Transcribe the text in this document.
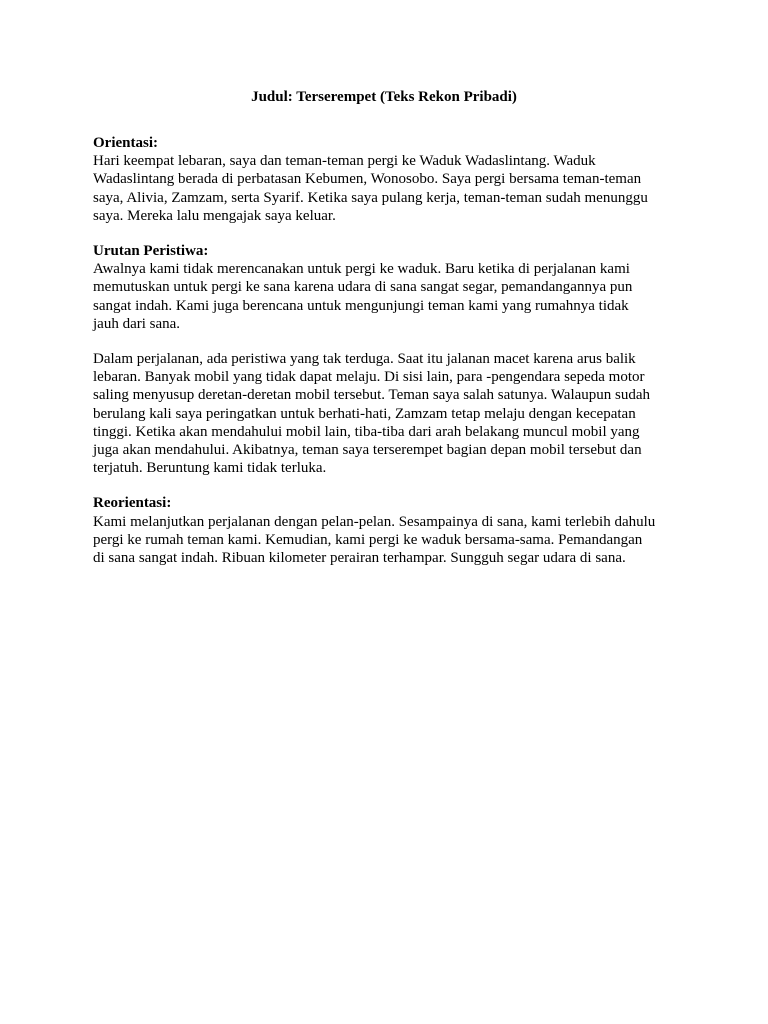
Judul: Terserempet (Teks Rekon Pribadi)

Orientasi:

Hari keempat lebaran, saya dan teman-teman pergi ke Waduk Wadaslintang. Waduk
Wadaslintang berada di perbatasan Kebumen, Wonosobo. Saya pergi bersama teman-teman
saya, Alivia, Zamzam, serta Syarif. Ketika saya pulang kerja, teman-teman sudah menunggu
saya. Mereka lalu mengajak saya keluar.

Urutan Peristiwa:

Awalnya kami tidak merencanakan untuk pergi ke waduk. Baru ketika di perjalanan kami
memutuskan untuk pergi ke sana karena udara di sana sangat segar, pemandangannya pun
sangat indah. Kami juga berencana untuk mengunjungi teman kami yang rumahnya tidak
jauh dari sana.
Dalam perjalanan, ada peristiwa yang tak terduga. Saat itu jalanan macet karena arus balik
lebaran. Banyak mobil yang tidak dapat melaju. Di sisi lain, para -pengendara sepeda motor
saling menyusup deretan-deretan mobil tersebut. Teman saya salah satunya. Walaupun sudah
berulang kali saya peringatkan untuk berhati-hati, Zamzam tetap melaju dengan kecepatan
tinggi. Ketika akan mendahului mobil lain, tiba-tiba dari arah belakang muncul mobil yang
juga akan mendahului. Akibatnya, teman saya terserempet bagian depan mobil tersebut dan
terjatuh. Beruntung kami tidak terluka.

Reorientasi:

Kami melanjutkan perjalanan dengan pelan-pelan. Sesampainya di sana, kami terlebih dahulu
pergi ke rumah teman kami. Kemudian, kami pergi ke waduk bersama-sama. Pemandangan
di sana sangat indah. Ribuan kilometer perairan terhampar. Sungguh segar udara di sana.
